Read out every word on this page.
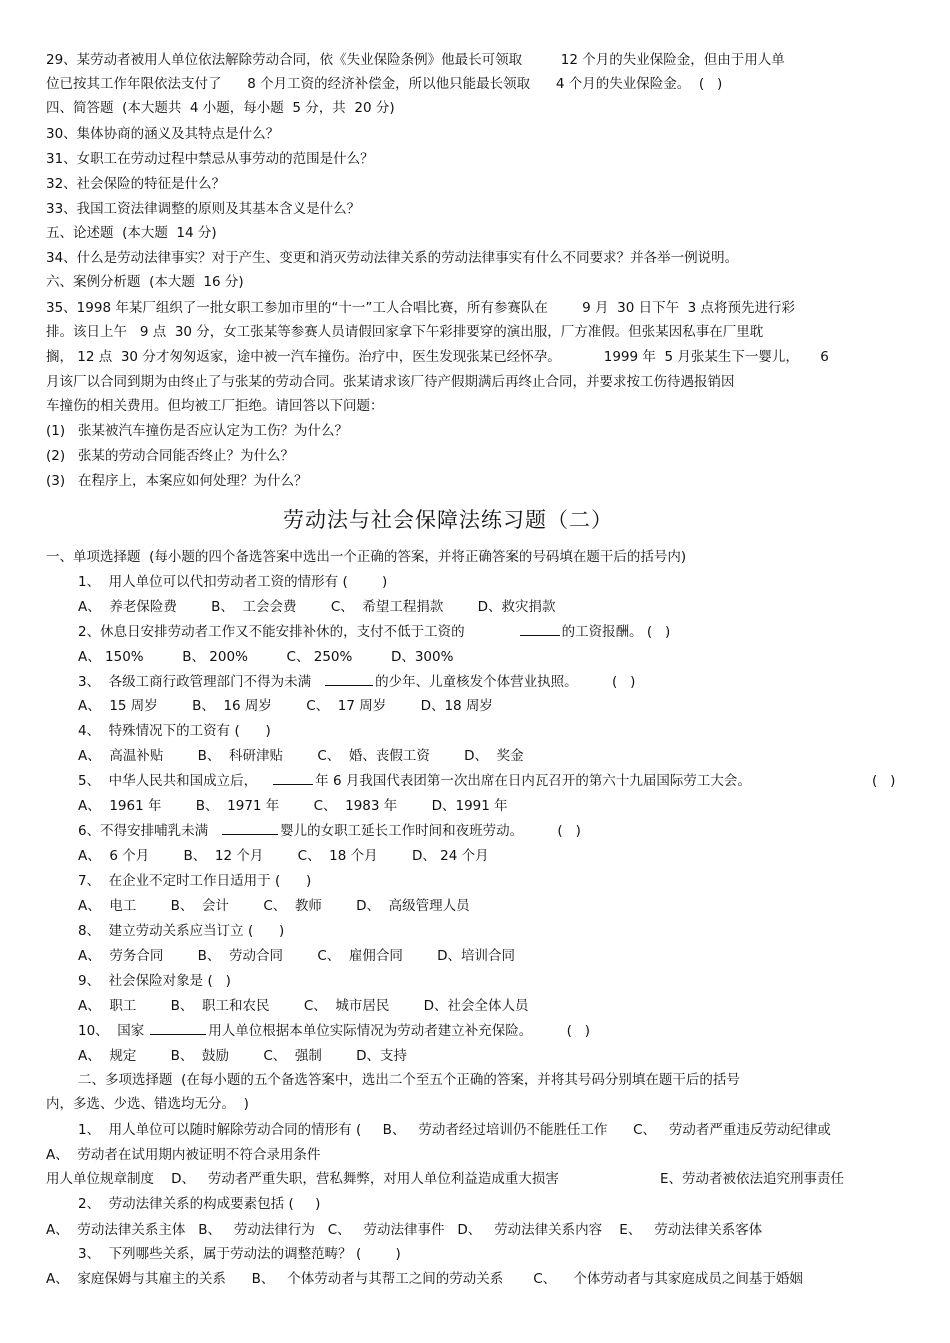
29、某劳动者被用人单位依法解除劳动合同，依《失业保险条例》他最长可领取         12 个月的失业保险金，但由于用人单
位已按其工作年限依法支付了      8 个月工资的经济补偿金，所以他只能最长领取      4 个月的失业保险金。  (   )
四、简答题  (本大题共  4 小题，每小题  5 分，共  20 分)
30、集体协商的涵义及其特点是什么？
31、女职工在劳动过程中禁忌从事劳动的范围是什么？
32、社会保险的特征是什么？
33、我国工资法律调整的原则及其基本含义是什么？
五、论述题  (本大题  14 分)
34、什么是劳动法律事实？对于产生、变更和消灭劳动法律关系的劳动法律事实有什么不同要求？并各举一例说明。
六、案例分析题  (本大题  16 分)
35、1998 年某厂组织了一批女职工参加市里的“十一”工人合唱比赛，所有参赛队在        9 月  30 日下午  3 点将预先进行彩
排。该日上午   9 点  30 分，女工张某等参赛人员请假回家拿下午彩排要穿的演出服，厂方准假。但张某因私事在厂里耽
搁， 12 点  30 分才匆匆返家，途中被一汽车撞伤。治疗中，医生发现张某已经怀孕。          1999 年  5 月张某生下一婴儿，     6
月该厂以合同到期为由终止了与张某的劳动合同。张某请求该厂待产假期满后再终止合同，并要求按工伤待遇报销因
车撞伤的相关费用。但均被工厂拒绝。请回答以下问题：
(1)   张某被汽车撞伤是否应认定为工伤？为什么？
(2)   张某的劳动合同能否终止？为什么？
(3)   在程序上，本案应如何处理？为什么？
劳动法与社会保障法练习题（二）
一、单项选择题  (每小题的四个备选答案中选出一个正确的答案，并将正确答案的号码填在题干后的括号内)
1、  用人单位可以代扣劳动者工资的情形有 (        )
A、  养老保险费        B、  工会会费        C、  希望工程捐款        D、救灾捐款
2、休息日安排劳动者工作又不能安排补休的，支付不低于工资的	的工资报酬。 (   )
A、 150%         B、 200%         C、 250%         D、300%
3、  各级工商行政管理部门不得为未满	的少年、儿童核发个体营业执照。        (   )
A、  15 周岁        B、  16 周岁        C、  17 周岁        D、18 周岁
4、  特殊情况下的工资有 (      )
A、  高温补贴        B、  科研津贴        C、  婚、丧假工资        D、  奖金
5、  中华人民共和国成立后，	年 6 月我国代表团第一次出席在日内瓦召开的第六十九届国际劳工大会。	(   )
A、  1961 年        B、  1971 年        C、  1983 年        D、1991 年
6、不得安排哺乳未满	婴儿的女职工延长工作时间和夜班劳动。        (   )
A、  6 个月        B、  12 个月        C、  18 个月        D、 24 个月
7、  在企业不定时工作日适用于 (      )
A、  电工        B、  会计        C、  教师        D、  高级管理人员
8、  建立劳动关系应当订立 (      )
A、  劳务合同        B、  劳动合同        C、  雇佣合同        D、培训合同
9、  社会保险对象是 (   )
A、  职工        B、  职工和农民        C、  城市居民        D、社会全体人员
10、  国家	用人单位根据本单位实际情况为劳动者建立补充保险。        (   )
A、  规定        B、  鼓励        C、  强制        D、支持
二、多项选择题  (在每小题的五个备选答案中，选出二个至五个正确的答案，并将其号码分别填在题干后的括号
内，多选、少选、错选均无分。  )
1、  用人单位可以随时解除劳动合同的情形有 (     B、   劳动者经过培训仍不能胜任工作      C、   劳动者严重违反劳动纪律或
A、  劳动者在试用期内被证明不符合录用条件
用人单位规章制度    D、   劳动者严重失职，营私舞弊，对用人单位利益造成重大损害	E、劳动者被依法追究刑事责任
2、  劳动法律关系的构成要素包括 (     )
A、  劳动法律关系主体   B、   劳动法律行为   C、   劳动法律事件   D、   劳动法律关系内容    E、   劳动法律关系客体
3、  下列哪些关系，属于劳动法的调整范畴？ (        )
A、  家庭保姆与其雇主的关系      B、   个体劳动者与其帮工之间的劳动关系       C、    个体劳动者与其家庭成员之间基于婚姻
